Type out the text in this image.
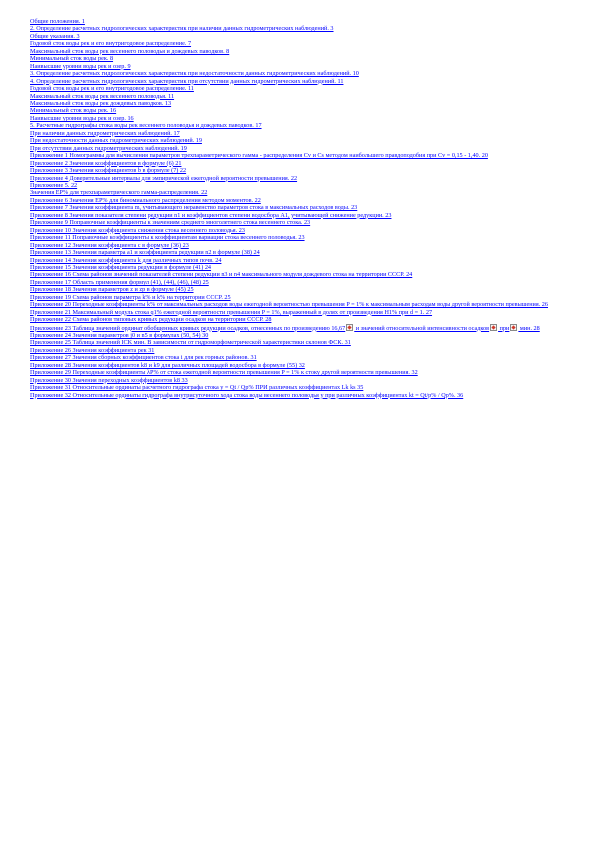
Общие положения. 1
2. Определение расчетных гидрологических характеристик при наличии данных гидрометрических наблюдений. 3
Общие указания. 3
Годовой сток воды рек и его внутригодовое распределение. 7
Максимальный сток воды рек весеннего половодья и дождевых паводков. 8
Минимальный сток воды рек. 8
Наивысшие уровни воды рек и озер. 9
3. Определение расчетных гидрологических характеристик при недостаточности данных гидрометрических наблюдений. 10
4. Определение расчетных гидрологических характеристик при отсутствии данных гидрометрических наблюдений. 11
Годовой сток воды рек и его внутригодовое распределение. 11
Максимальный сток воды рек весеннего половодья. 11
Максимальный сток воды рек дождевых паводков. 13
Минимальный сток воды рек. 16
Наивысшие уровни воды рек и озер. 16
5. Расчетные гидрографы стока воды рек весеннего половодья и дождевых паводков. 17
При наличии данных гидрометрических наблюдений. 17
При недостаточности данных гидрометрических наблюдений. 19
При отсутствии данных гидрометрических наблюдений. 19
Приложение 1 Номограммы для вычисления параметров трехпараметрического гамма - распределения Cv и Cs методом наибольшего правдоподобия при Cv = 0,15 - 1,40. 20
Приложение 2 Значения коэффициентов в формуле (6) 21
Приложение 3 Значения коэффициентов b в формуле (7) 22
Приложение 4 Доверительные интервалы для эмпирической ежегодной вероятности превышения. 22
Приложение 5. 22
Значения ЕР% для трехпараметрического гамма-распределения. 22
Приложение 6 Значения ЕР% для биномиального распределения методом моментов. 22
Приложение 7 Значения коэффициента m, учитывающего неравенство параметров стока в максимальных расходов воды. 23
Приложение 8 Значения показателя степени редукции n1 и коэффициентов степени водосбора A1, учитывающей снижение редукции. 23
Приложение 9 Поправочные коэффициенты к значениям среднего многолетнего стока весеннего стока. 23
Приложение 10 Значения коэффициента снижения стока весеннего половодья. 23
Приложение 11 Поправочные коэффициенты к коэффициентам вариации стока весеннего половодья. 23
Приложение 12 Значения коэффициента с в формуле (36) 23
Приложение 13 Значения параметра a1 и коэффициента редукции n2 в формуле (38) 24
Приложение 14 Значения коэффициента k для различных типов почв. 24
Приложение 15 Значения коэффициента редукции в формуле (41) 24
Приложение 16 Схема районов значений показателей степени редукции n3 и n4 максимального модуля дождевого стока на территории СССР. 24
Приложение 17 Область применения формул (41), (44), (46), (48) 25
Приложение 18 Значения параметров z и zp в формуле (45) 25
Приложение 19 Схема районов параметра k% и k% на территории СССР. 25
Приложение 20 Переходные коэффициенты k% от максимальных расходов воды ежегодной вероятностью превышения P = 1% к максимальным расходам воды другой вероятности превышения. 26
Приложение 21 Максимальный модуль стока q1% ежегодной вероятности превышения P = 1%, выраженный в долях от произведения Н1% при d = 1. 27
Приложение 22 Схема районов типовых кривых редукции осадков на территории СССР. 28
Приложение 23 Таблица значений ординат обобщенных кривых редукции осадков, отнесенных по произведению 16,67 и значений относительной интенсивности осадков при мин. 28
Приложение 24 Значения параметров j0 и n5 в формулах (50, 54) 30
Приложение 25 Таблица значений ICK мин. В зависимости от гидроморфометрической характеристики склонов ФСК. 31
Приложение 26 Значения коэффициента рек 31
Приложение 27 Значения сборных коэффициентов стока i для рек горных районов. 31
Приложение 28 Значения коэффициентов k8 и k9 для различных площадей водосбора в формуле (55) 32
Приложение 29 Переходные коэффициенты λP% от стока ежегодной вероятности превышения P = 1% к стоку другой вероятности превышения. 32
Приложение 30 Значения переходных коэффициентов k8 33
Приложение 31 Относительные ординаты расчетного гидрографа стока y = Qt / Qp% ПРИ различных коэффициентах Lk ks 35
Приложение 32 Относительные ординаты гидрографа внутрисуточного хода стока воды весеннего половодья y при различных коэффициентах kt = Qt/p% / Qp%. 36
